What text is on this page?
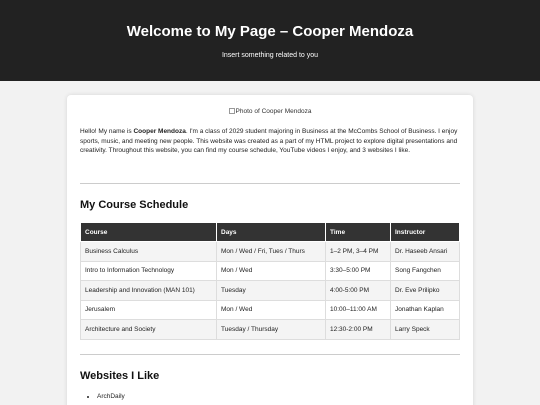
Welcome to My Page – Cooper Mendoza

Insert something related to you

Photo of Cooper Mendoza

Hello! My name is Cooper Mendoza. I'm a class of 2029 student majoring in Business at the McCombs School of Business. I enjoy sports, music, and meeting new people. This website was created as a part of my HTML project to explore digital presentations and creativity. Throughout this website, you can find my course schedule, YouTube videos I enjoy, and 3 websites I like.

My Course Schedule
Course	Days	Time	Instructor
Business Calculus	Mon / Wed / Fri, Tues / Thurs	1–2 PM, 3–4 PM	Dr. Haseeb Ansari
Intro to Information Technology	Mon / Wed	3:30–5:00 PM	Song Fangchen
Leadership and Innovation (MAN 101)	Tuesday	4:00-5:00 PM	Dr. Eve Prilipko
Jerusalem	Mon / Wed	10:00–11:00 AM	Jonathan Kaplan
Architecture and Society	Tuesday / Thursday	12:30-2:00 PM	Larry Speck
Websites I Like
• ArchDaily
